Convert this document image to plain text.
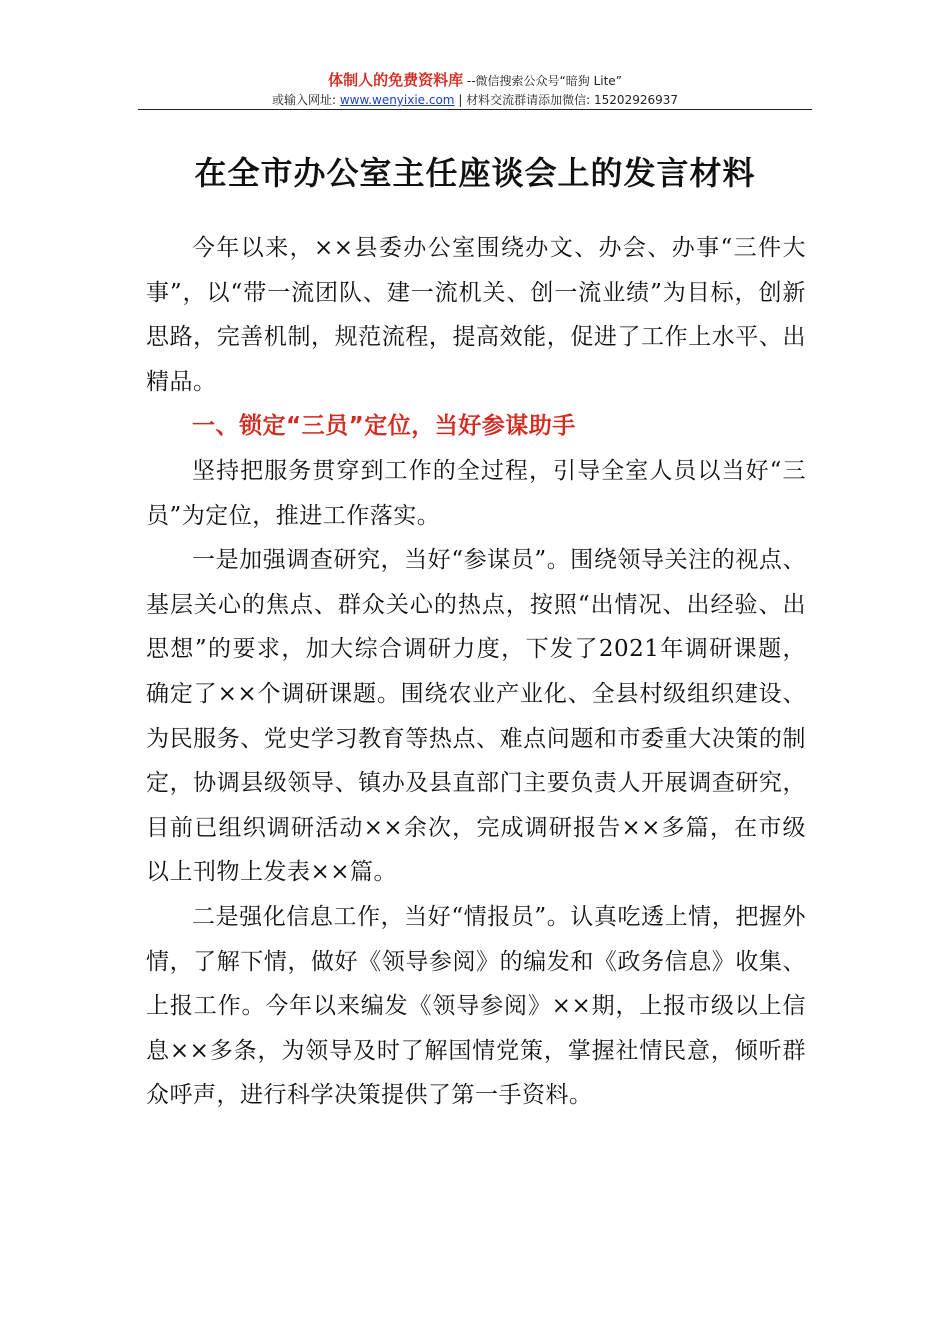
体制人的免费资料库 --微信搜索公众号“暗狗 Lite”
或输入网址: www.wenyixie.com | 材料交流群请添加微信: 15202926937
在全市办公室主任座谈会上的发言材料

今年以来，××县委办公室围绕办文、办会、办事“三件大事”，以“带一流团队、建一流机关、创一流业绩”为目标，创新思路，完善机制，规范流程，提高效能，促进了工作上水平、出精品。

一、锁定“三员”定位，当好参谋助手

坚持把服务贯穿到工作的全过程，引导全室人员以当好“三员”为定位，推进工作落实。

一是加强调查研究，当好“参谋员”。围绕领导关注的视点、基层关心的焦点、群众关心的热点，按照“出情况、出经验、出思想”的要求，加大综合调研力度，下发了2021年调研课题，确定了××个调研课题。围绕农业产业化、全县村级组织建设、为民服务、党史学习教育等热点、难点问题和市委重大决策的制定，协调县级领导、镇办及县直部门主要负责人开展调查研究，目前已组织调研活动××余次，完成调研报告××多篇，在市级以上刊物上发表××篇。

二是强化信息工作，当好“情报员”。认真吃透上情，把握外情，了解下情，做好《领导参阅》的编发和《政务信息》收集、上报工作。今年以来编发《领导参阅》××期，上报市级以上信息××多条，为领导及时了解国情党策，掌握社情民意，倾听群众呼声，进行科学决策提供了第一手资料。
